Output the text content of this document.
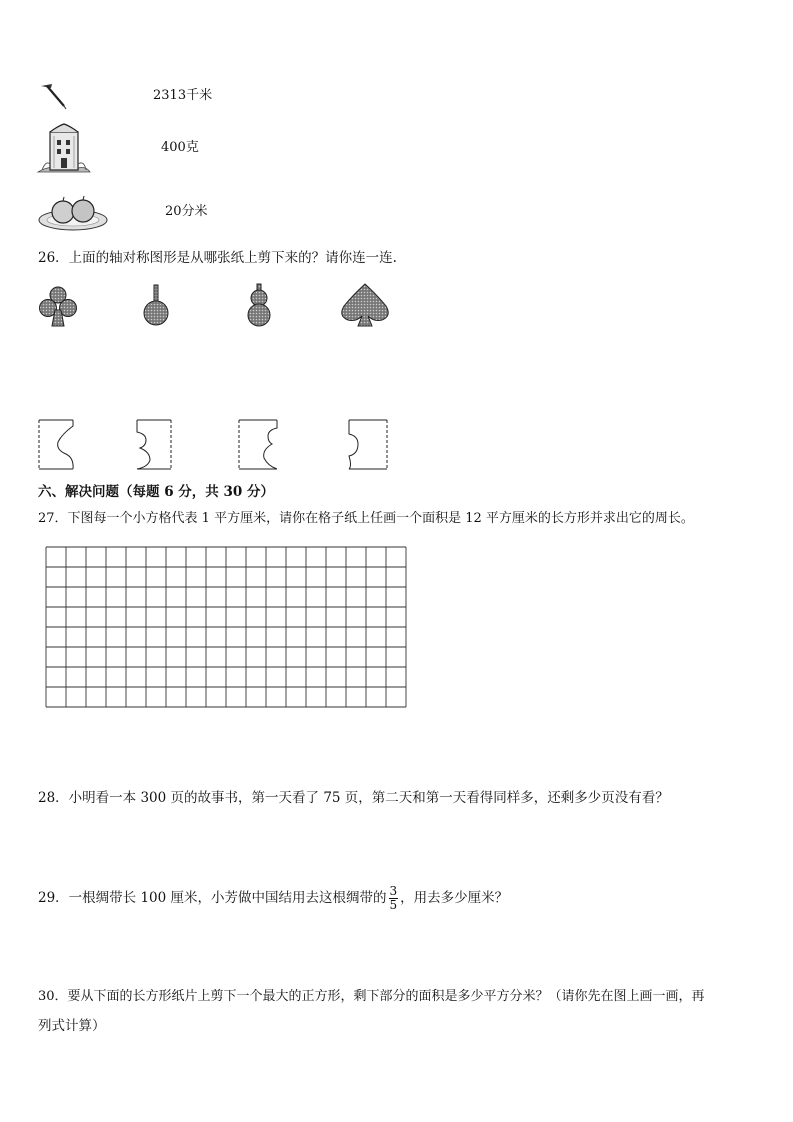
2313千米
400克
20分米
26．上面的轴对称图形是从哪张纸上剪下来的？请你连一连.
六、解决问题（每题 6 分，共 30 分）
27．下图每一个小方格代表 1 平方厘米，请你在格子纸上任画一个面积是 12 平方厘米的长方形并求出它的周长。
28．小明看一本 300 页的故事书，第一天看了 75 页，第二天和第一天看得同样多，还剩多少页没有看？
29．一根绸带长 100 厘米，小芳做中国结用去这根绸带的 $\frac{3}{5}$ ，用去多少厘米？
30．要从下面的长方形纸片上剪下一个最大的正方形，剩下部分的面积是多少平方分米？（请你先在图上画一画，再
列式计算）
